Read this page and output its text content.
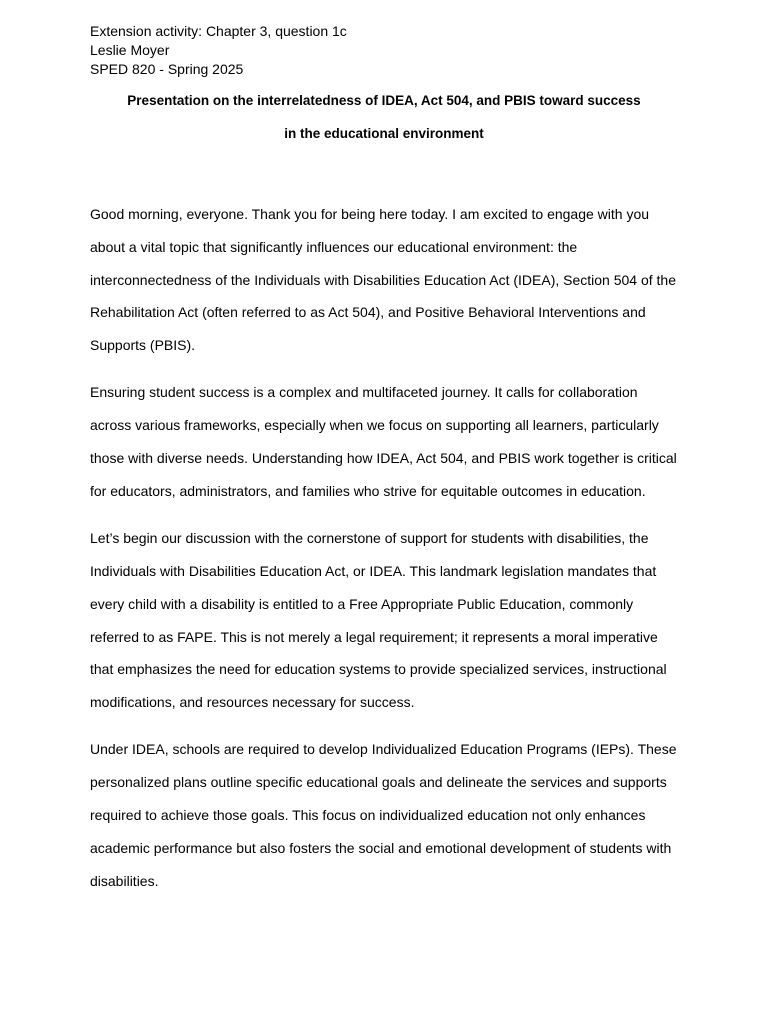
Extension activity: Chapter 3, question 1c
Leslie Moyer
SPED 820 - Spring 2025
Presentation on the interrelatedness of IDEA, Act 504, and PBIS toward success
in the educational environment

Good morning, everyone. Thank you for being here today. I am excited to engage with you about a vital topic that significantly influences our educational environment: the interconnectedness of the Individuals with Disabilities Education Act (IDEA), Section 504 of the Rehabilitation Act (often referred to as Act 504), and Positive Behavioral Interventions and Supports (PBIS).

Ensuring student success is a complex and multifaceted journey. It calls for collaboration across various frameworks, especially when we focus on supporting all learners, particularly those with diverse needs. Understanding how IDEA, Act 504, and PBIS work together is critical for educators, administrators, and families who strive for equitable outcomes in education.

Let’s begin our discussion with the cornerstone of support for students with disabilities, the Individuals with Disabilities Education Act, or IDEA. This landmark legislation mandates that every child with a disability is entitled to a Free Appropriate Public Education, commonly referred to as FAPE. This is not merely a legal requirement; it represents a moral imperative that emphasizes the need for education systems to provide specialized services, instructional modifications, and resources necessary for success.

Under IDEA, schools are required to develop Individualized Education Programs (IEPs). These personalized plans outline specific educational goals and delineate the services and supports required to achieve those goals. This focus on individualized education not only enhances academic performance but also fosters the social and emotional development of students with disabilities.
